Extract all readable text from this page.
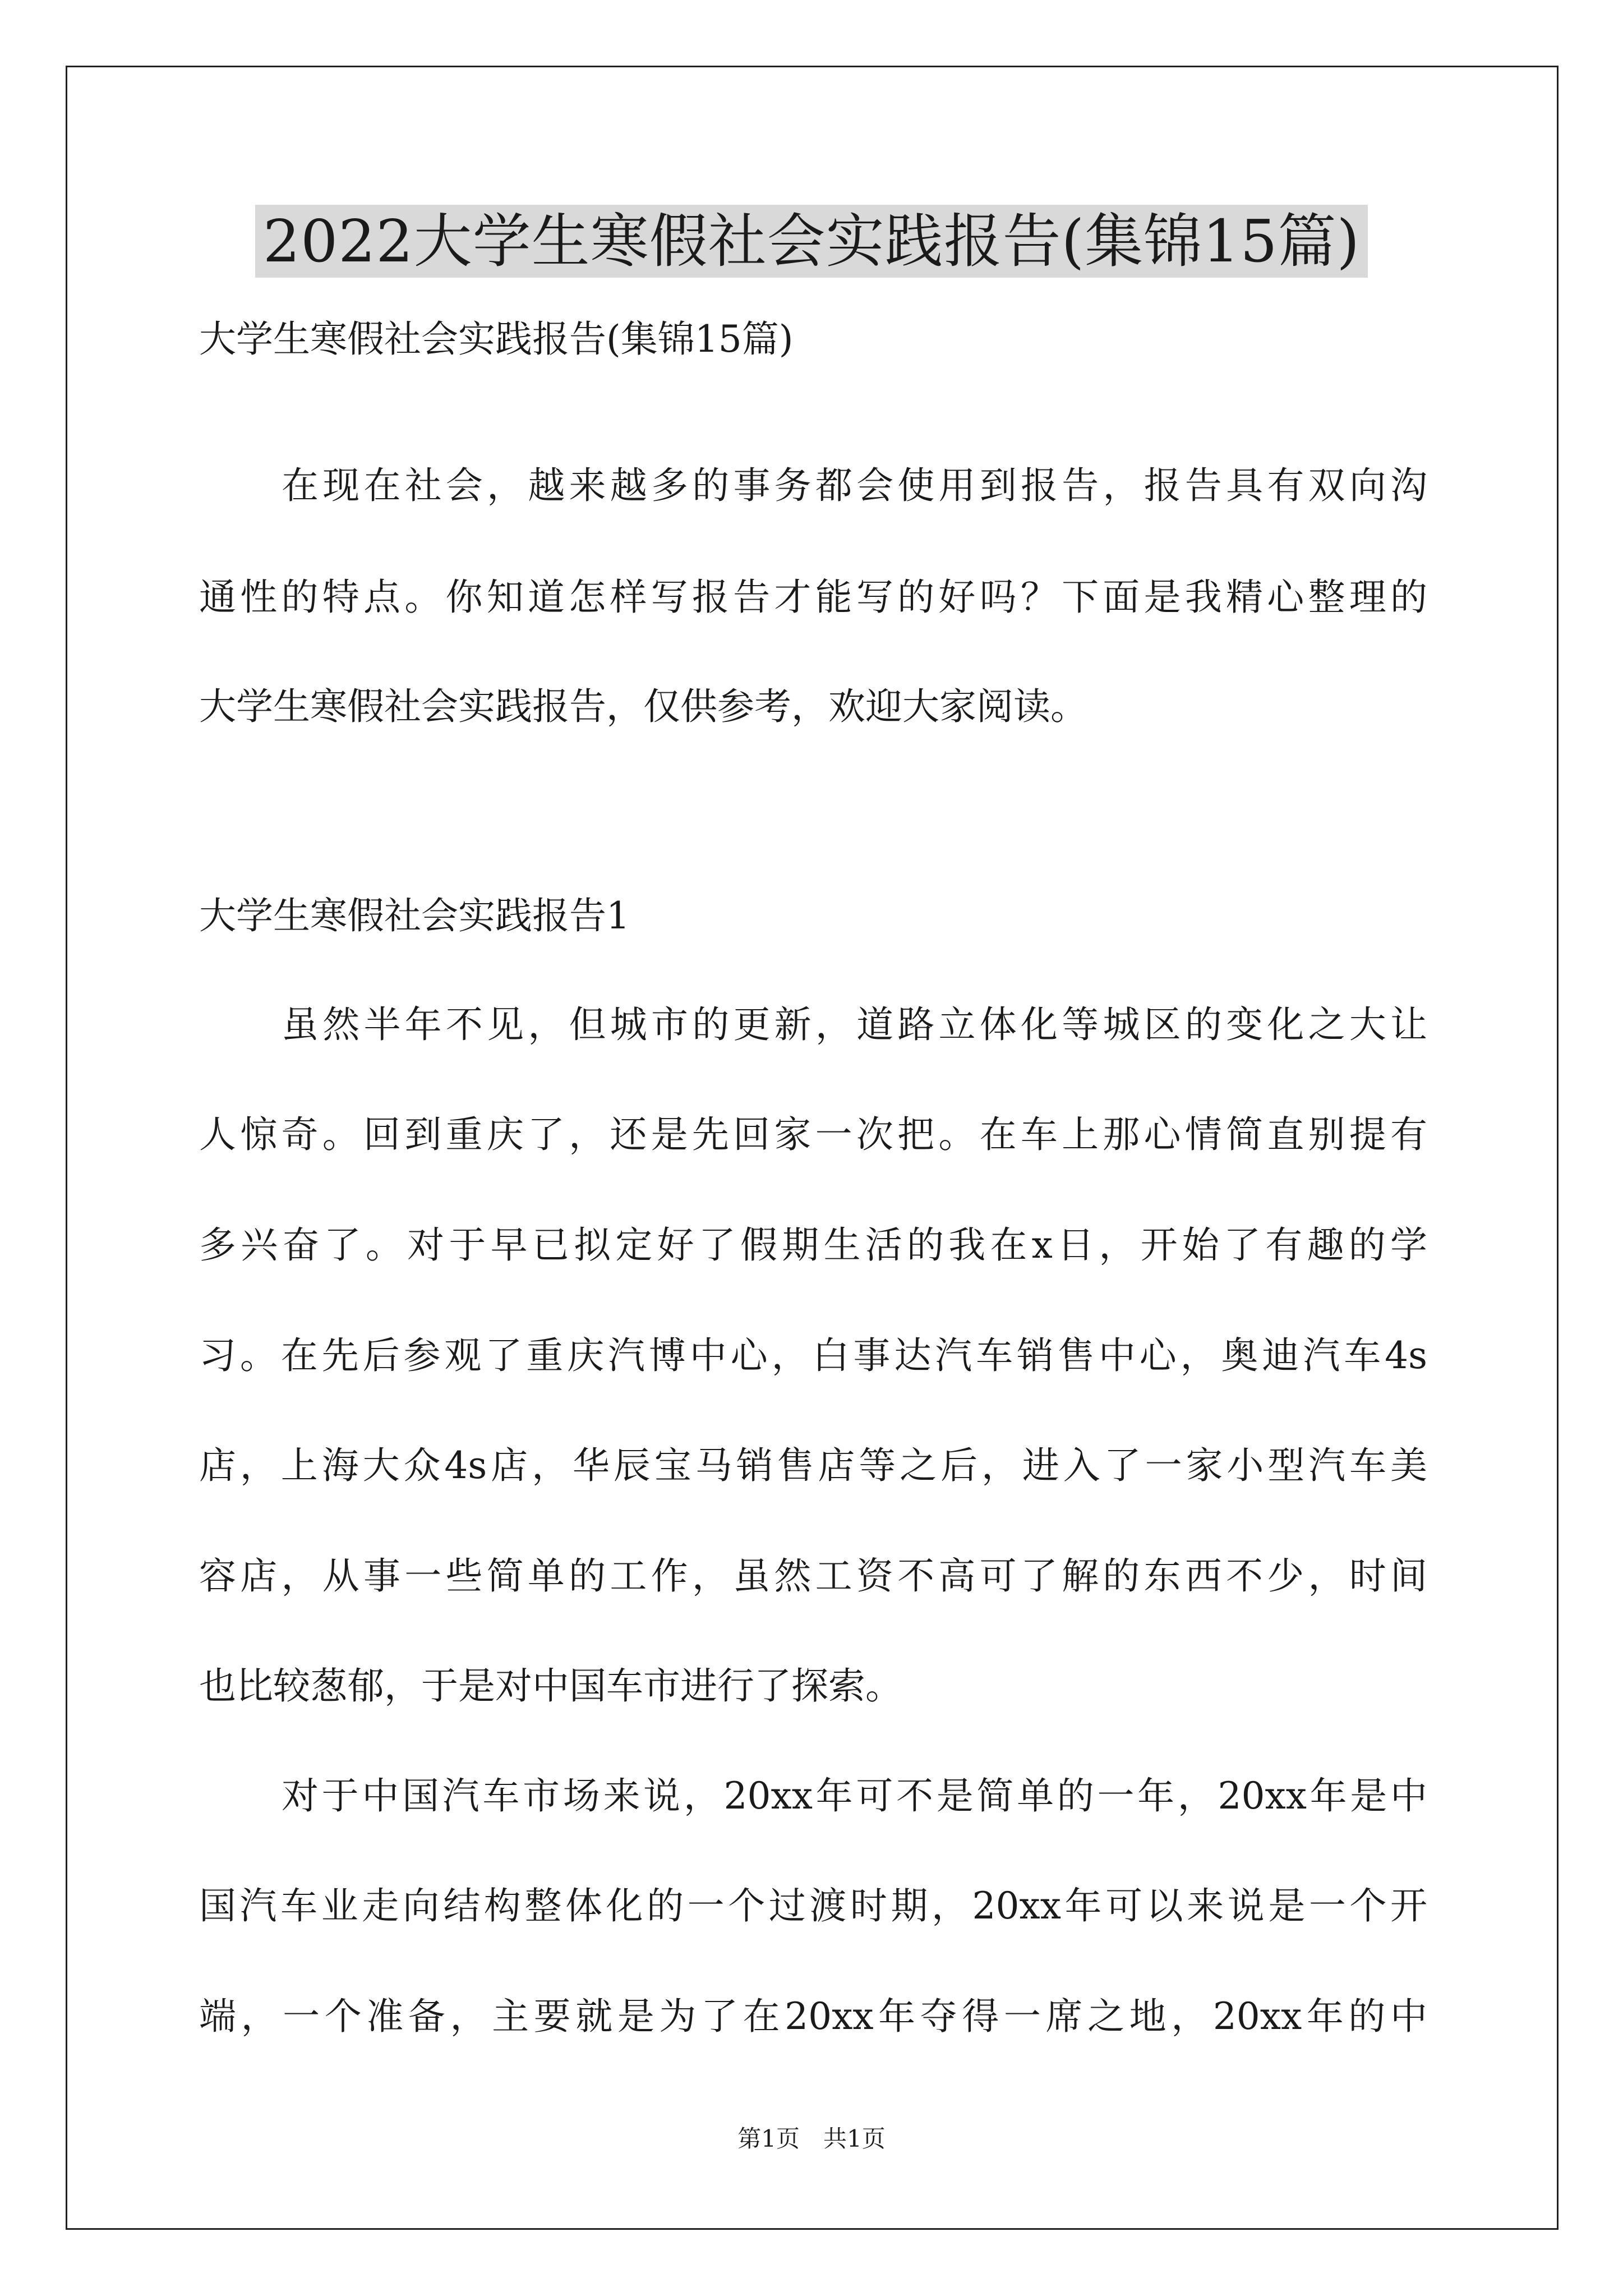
2022大学生寒假社会实践报告(集锦15篇)
大学生寒假社会实践报告(集锦15篇)
在现在社会，越来越多的事务都会使用到报告，报告具有双向沟
通性的特点。你知道怎样写报告才能写的好吗？下面是我精心整理的
大学生寒假社会实践报告，仅供参考，欢迎大家阅读。
大学生寒假社会实践报告1
虽然半年不见，但城市的更新，道路立体化等城区的变化之大让
人惊奇。回到重庆了，还是先回家一次把。在车上那心情简直别提有
多兴奋了。对于早已拟定好了假期生活的我在x日，开始了有趣的学
习。在先后参观了重庆汽博中心，白事达汽车销售中心，奥迪汽车4s
店，上海大众4s店，华辰宝马销售店等之后，进入了一家小型汽车美
容店，从事一些简单的工作，虽然工资不高可了解的东西不少，时间
也比较葱郁，于是对中国车市进行了探索。
对于中国汽车市场来说，20xx年可不是简单的一年，20xx年是中
国汽车业走向结构整体化的一个过渡时期，20xx年可以来说是一个开
端，一个准备，主要就是为了在20xx年夺得一席之地，20xx年的中
第1页　共1页
